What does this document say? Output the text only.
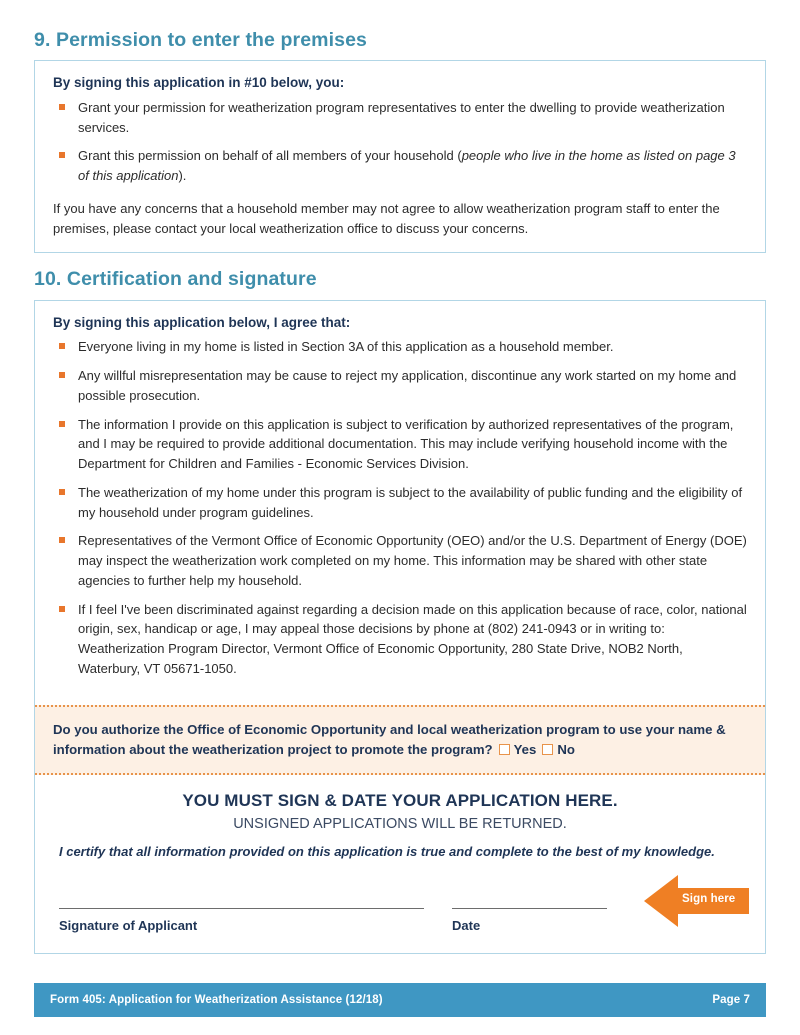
9. Permission to enter the premises

By signing this application in #10 below, you:

Grant your permission for weatherization program representatives to enter the dwelling to provide weatherization services.
Grant this permission on behalf of all members of your household (people who live in the home as listed on page 3 of this application).

If you have any concerns that a household member may not agree to allow weatherization program staff to enter the premises, please contact your local weatherization office to discuss your concerns.

10. Certification and signature

By signing this application below, I agree that:

Everyone living in my home is listed in Section 3A of this application as a household member.
Any willful misrepresentation may be cause to reject my application, discontinue any work started on my home and possible prosecution.
The information I provide on this application is subject to verification by authorized representatives of the program, and I may be required to provide additional documentation. This may include verifying household income with the Department for Children and Families - Economic Services Division.
The weatherization of my home under this program is subject to the availability of public funding and the eligibility of my household under program guidelines.
Representatives of the Vermont Office of Economic Opportunity (OEO) and/or the U.S. Department of Energy (DOE) may inspect the weatherization work completed on my home. This information may be shared with other state agencies to further help my household.
If I feel I've been discriminated against regarding a decision made on this application because of race, color, national origin, sex, handicap or age, I may appeal those decisions by phone at (802) 241-0943 or in writing to: Weatherization Program Director, Vermont Office of Economic Opportunity, 280 State Drive, NOB2 North, Waterbury, VT 05671-1050.
Do you authorize the Office of Economic Opportunity and local weatherization program to use your name & information about the weatherization project to promote the program? Yes No

YOU MUST SIGN & DATE YOUR APPLICATION HERE.

UNSIGNED APPLICATIONS WILL BE RETURNED.

I certify that all information provided on this application is true and complete to the best of my knowledge.

Signature of Applicant	Date
Sign here
Form 405: Application for Weatherization Assistance (12/18)	Page 7
